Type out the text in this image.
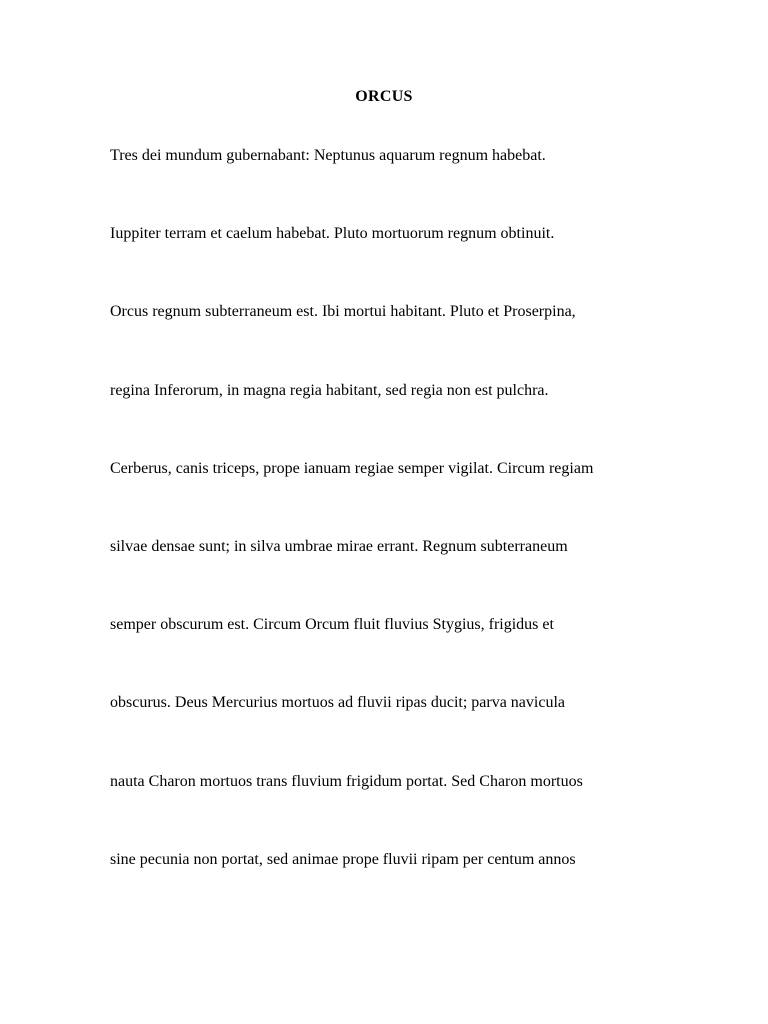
ORCUS
Tres dei mundum gubernabant: Neptunus aquarum regnum habebat.
Iuppiter terram et caelum habebat. Pluto mortuorum regnum obtinuit.
Orcus regnum subterraneum est. Ibi mortui habitant. Pluto et Proserpina,
regina Inferorum, in magna regia habitant, sed regia non est pulchra.
Cerberus, canis triceps, prope ianuam regiae semper vigilat. Circum regiam
silvae densae sunt; in silva umbrae mirae errant. Regnum subterraneum
semper obscurum est. Circum Orcum fluit fluvius Stygius, frigidus et
obscurus. Deus Mercurius mortuos ad fluvii ripas ducit; parva navicula
nauta Charon mortuos trans fluvium frigidum portat. Sed Charon mortuos
sine pecunia non portat, sed animae prope fluvii ripam per centum annos
